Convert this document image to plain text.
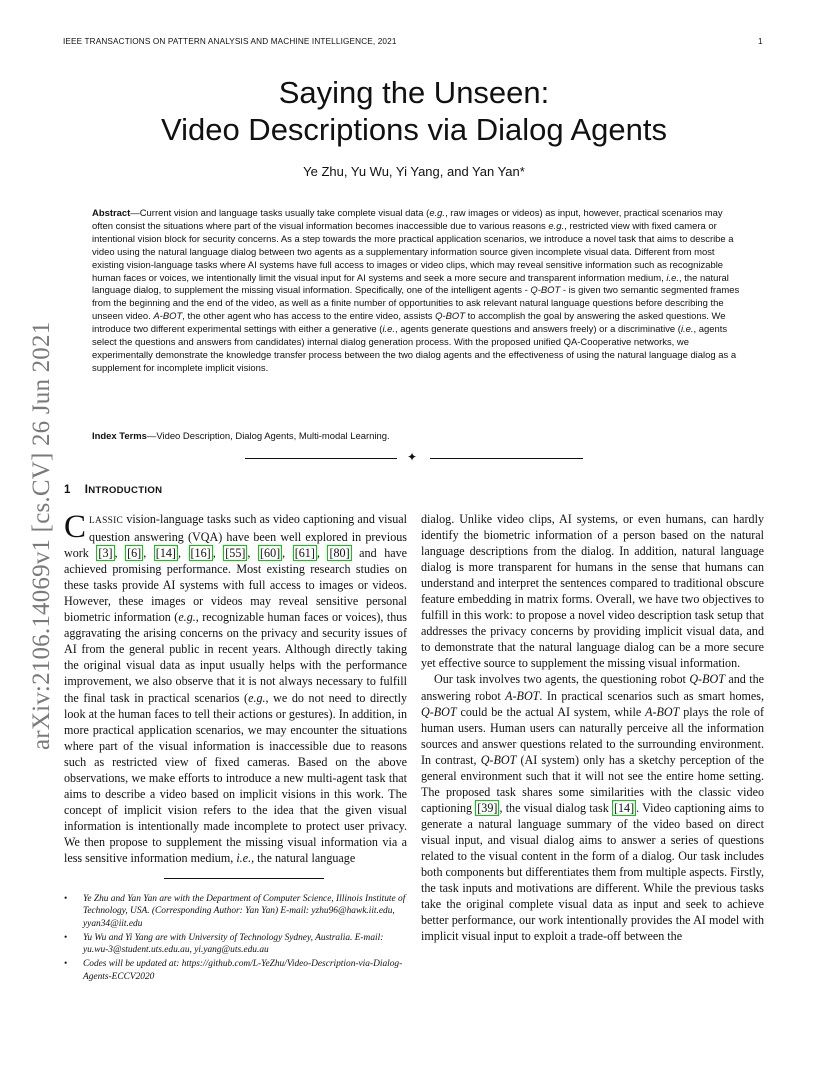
IEEE TRANSACTIONS ON PATTERN ANALYSIS AND MACHINE INTELLIGENCE, 2021	1
arXiv:2106.14069v1 [cs.CV] 26 Jun 2021
Saying the Unseen:
Video Descriptions via Dialog Agents
Ye Zhu, Yu Wu, Yi Yang, and Yan Yan*
Abstract—Current vision and language tasks usually take complete visual data (e.g., raw images or videos) as input, however, practical scenarios may often consist the situations where part of the visual information becomes inaccessible due to various reasons e.g., restricted view with fixed camera or intentional vision block for security concerns. As a step towards the more practical application scenarios, we introduce a novel task that aims to describe a video using the natural language dialog between two agents as a supplementary information source given incomplete visual data. Different from most existing vision-language tasks where AI systems have full access to images or video clips, which may reveal sensitive information such as recognizable human faces or voices, we intentionally limit the visual input for AI systems and seek a more secure and transparent information medium, i.e., the natural language dialog, to supplement the missing visual information. Specifically, one of the intelligent agents - Q-BOT - is given two semantic segmented frames from the beginning and the end of the video, as well as a finite number of opportunities to ask relevant natural language questions before describing the unseen video. A-BOT, the other agent who has access to the entire video, assists Q-BOT to accomplish the goal by answering the asked questions. We introduce two different experimental settings with either a generative (i.e., agents generate questions and answers freely) or a discriminative (i.e., agents select the questions and answers from candidates) internal dialog generation process. With the proposed unified QA-Cooperative networks, we experimentally demonstrate the knowledge transfer process between the two dialog agents and the effectiveness of using the natural language dialog as a supplement for incomplete implicit visions.
Index Terms—Video Description, Dialog Agents, Multi-modal Learning.
✦
1 INTRODUCTION

CLASSIC vision-language tasks such as video captioning and visual question answering (VQA) have been well explored in previous work [3] , [6] , [14] , [16] , [55] , [60] , [61] , [80] and have achieved promising performance. Most existing research studies on these tasks provide AI systems with full access to images or videos. However, these images or videos may reveal sensitive personal biometric information (e.g., recognizable human faces or voices), thus aggravating the arising concerns on the privacy and security issues of AI from the general public in recent years. Although directly taking the original visual data as input usually helps with the performance improvement, we also observe that it is not always necessary to fulfill the final task in practical scenarios (e.g., we do not need to directly look at the human faces to tell their actions or gestures). In addition, in more practical application scenarios, we may encounter the situations where part of the visual information is inaccessible due to reasons such as restricted view of fixed cameras. Based on the above observations, we make efforts to introduce a new multi-agent task that aims to describe a video based on implicit visions in this work. The concept of implicit vision refers to the idea that the given visual information is intentionally made incomplete to protect user privacy. We then propose to supplement the missing visual information via a less sensitive information medium, i.e., the natural language

• Ye Zhu and Yan Yan are with the Department of Computer Science, Illinois Institute of Technology, USA. (Corresponding Author: Yan Yan) E-mail: yzhu96@hawk.iit.edu, yyan34@iit.edu
• Yu Wu and Yi Yang are with University of Technology Sydney, Australia. E-mail: yu.wu-3@student.uts.edu.au, yi.yang@uts.edu.au
• Codes will be updated at: https://github.com/L-YeZhu/Video-Description-via-Dialog-Agents-ECCV2020

dialog. Unlike video clips, AI systems, or even humans, can hardly identify the biometric information of a person based on the natural language descriptions from the dialog. In addition, natural language dialog is more transparent for humans in the sense that humans can understand and interpret the sentences compared to traditional obscure feature embedding in matrix forms. Overall, we have two objectives to fulfill in this work: to propose a novel video description task setup that addresses the privacy concerns by providing implicit visual data, and to demonstrate that the natural language dialog can be a more secure yet effective source to supplement the missing visual information.

Our task involves two agents, the questioning robot Q-BOT and the answering robot A-BOT. In practical scenarios such as smart homes, Q-BOT could be the actual AI system, while A-BOT plays the role of human users. Human users can naturally perceive all the information sources and answer questions related to the surrounding environment. In contrast, Q-BOT (AI system) only has a sketchy perception of the general environment such that it will not see the entire home setting. The proposed task shares some similarities with the classic video captioning [39] , the visual dialog task [14] . Video captioning aims to generate a natural language summary of the video based on direct visual input, and visual dialog aims to answer a series of questions related to the visual content in the form of a dialog. Our task includes both components but differentiates them from multiple aspects. Firstly, the task inputs and motivations are different. While the previous tasks take the original complete visual data as input and seek to achieve better performance, our work intentionally provides the AI model with implicit visual input to exploit a trade-off between the
